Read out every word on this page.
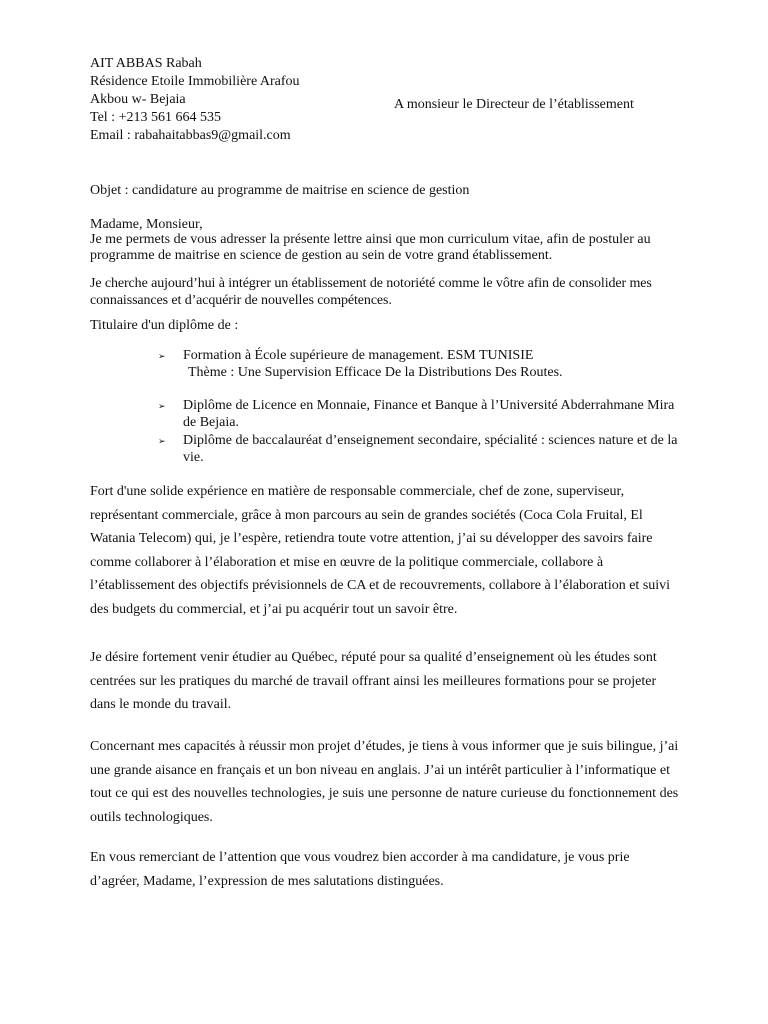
AIT ABBAS Rabah
Résidence Etoile Immobilière Arafou
Akbou w- Bejaia
Tel : +213 561 664 535
Email : rabahaitabbas9@gmail.com
A monsieur le Directeur de l’établissement
Objet : candidature au programme de maitrise en science de gestion
Madame, Monsieur,
Je me permets de vous adresser la présente lettre ainsi que mon curriculum vitae, afin de postuler au programme de maitrise en science de gestion au sein de votre grand établissement.
Je cherche aujourd’hui à intégrer un établissement de notoriété comme le vôtre afin de consolider mes connaissances et d’acquérir de nouvelles compétences.
Titulaire d'un diplôme de :
➢ Formation à École supérieure de management. ESM TUNISIE
Thème : Une Supervision Efficace De la Distributions Des Routes.
➢ Diplôme de Licence en Monnaie, Finance et Banque à l’Université Abderrahmane Mira de Bejaia.
➢ Diplôme de baccalauréat d’enseignement secondaire, spécialité : sciences nature et de la vie.
Fort d'une solide expérience en matière de responsable commerciale, chef de zone, superviseur, représentant commerciale, grâce à mon parcours au sein de grandes sociétés (Coca Cola Fruital, El Watania Telecom) qui, je l’espère, retiendra toute votre attention, j’ai su développer des savoirs faire comme collaborer à l’élaboration et mise en œuvre de la politique commerciale, collabore à l’établissement des objectifs prévisionnels de CA et de recouvrements, collabore à l’élaboration et suivi des budgets du commercial, et j’ai pu acquérir tout un savoir être.
Je désire fortement venir étudier au Québec, réputé pour sa qualité d’enseignement où les études sont centrées sur les pratiques du marché de travail offrant ainsi les meilleures formations pour se projeter dans le monde du travail.
Concernant mes capacités à réussir mon projet d’études, je tiens à vous informer que je suis bilingue, j’ai une grande aisance en français et un bon niveau en anglais. J’ai un intérêt particulier à l’informatique et tout ce qui est des nouvelles technologies, je suis une personne de nature curieuse du fonctionnement des outils technologiques.
En vous remerciant de l’attention que vous voudrez bien accorder à ma candidature, je vous prie d’agréer, Madame, l’expression de mes salutations distinguées.
